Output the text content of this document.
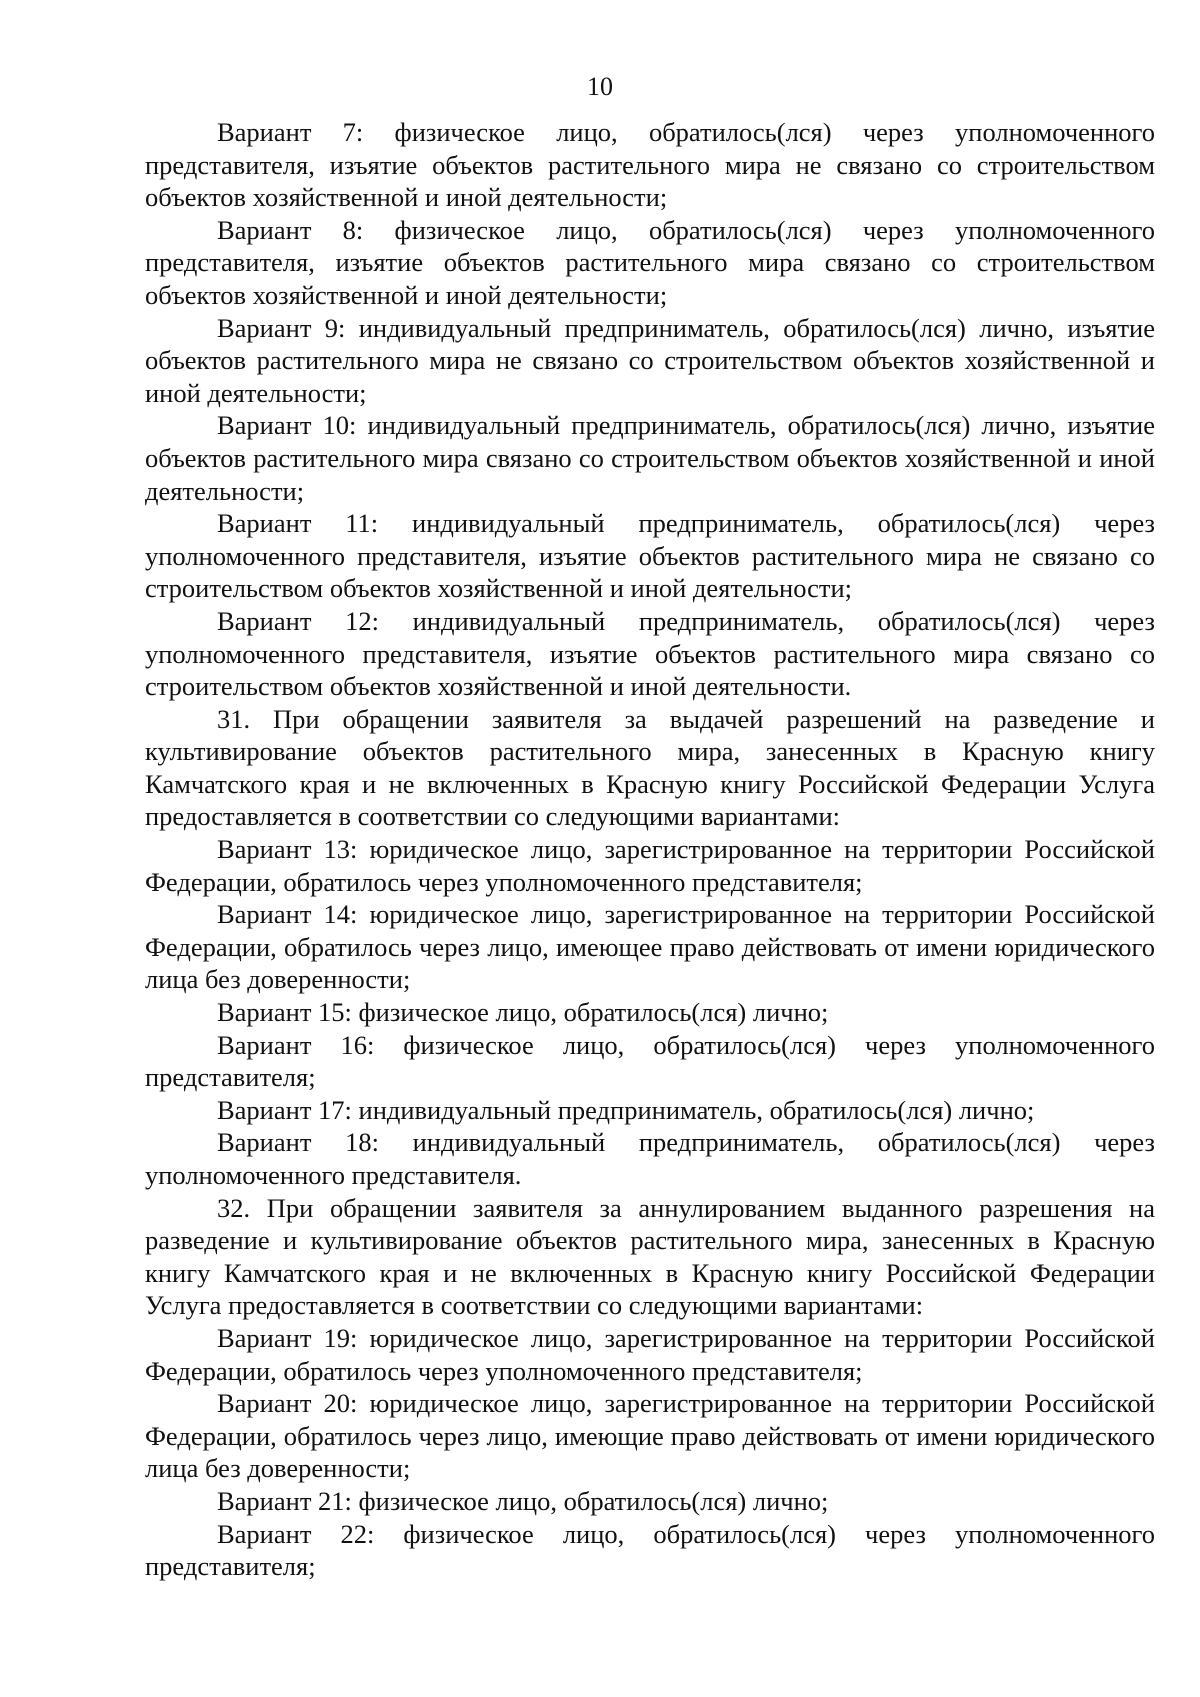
10

Вариант 7: физическое лицо, обратилось(лся) через уполномоченного представителя, изъятие объектов растительного мира не связано со строительством объектов хозяйственной и иной деятельности;

Вариант 8: физическое лицо, обратилось(лся) через уполномоченного представителя, изъятие объектов растительного мира связано со строительством объектов хозяйственной и иной деятельности;

Вариант 9: индивидуальный предприниматель, обратилось(лся) лично, изъятие объектов растительного мира не связано со строительством объектов хозяйственной и иной деятельности;

Вариант 10: индивидуальный предприниматель, обратилось(лся) лично, изъятие объектов растительного мира связано со строительством объектов хозяйственной и иной деятельности;

Вариант 11: индивидуальный предприниматель, обратилось(лся) через уполномоченного представителя, изъятие объектов растительного мира не связано со строительством объектов хозяйственной и иной деятельности;

Вариант 12: индивидуальный предприниматель, обратилось(лся) через уполномоченного представителя, изъятие объектов растительного мира связано со строительством объектов хозяйственной и иной деятельности.

31. При обращении заявителя за выдачей разрешений на разведение и культивирование объектов растительного мира, занесенных в Красную книгу Камчатского края и не включенных в Красную книгу Российской Федерации Услуга предоставляется в соответствии со следующими вариантами:

Вариант 13: юридическое лицо, зарегистрированное на территории Российской Федерации, обратилось через уполномоченного представителя;

Вариант 14: юридическое лицо, зарегистрированное на территории Российской Федерации, обратилось через лицо, имеющее право действовать от имени юридического лица без доверенности;

Вариант 15: физическое лицо, обратилось(лся) лично;

Вариант 16: физическое лицо, обратилось(лся) через уполномоченного представителя;

Вариант 17: индивидуальный предприниматель, обратилось(лся) лично;

Вариант 18: индивидуальный предприниматель, обратилось(лся) через уполномоченного представителя.

32. При обращении заявителя за аннулированием выданного разрешения на разведение и культивирование объектов растительного мира, занесенных в Красную книгу Камчатского края и не включенных в Красную книгу Российской Федерации Услуга предоставляется в соответствии со следующими вариантами:

Вариант 19: юридическое лицо, зарегистрированное на территории Российской Федерации, обратилось через уполномоченного представителя;

Вариант 20: юридическое лицо, зарегистрированное на территории Российской Федерации, обратилось через лицо, имеющие право действовать от имени юридического лица без доверенности;

Вариант 21: физическое лицо, обратилось(лся) лично;

Вариант 22: физическое лицо, обратилось(лся) через уполномоченного представителя;
